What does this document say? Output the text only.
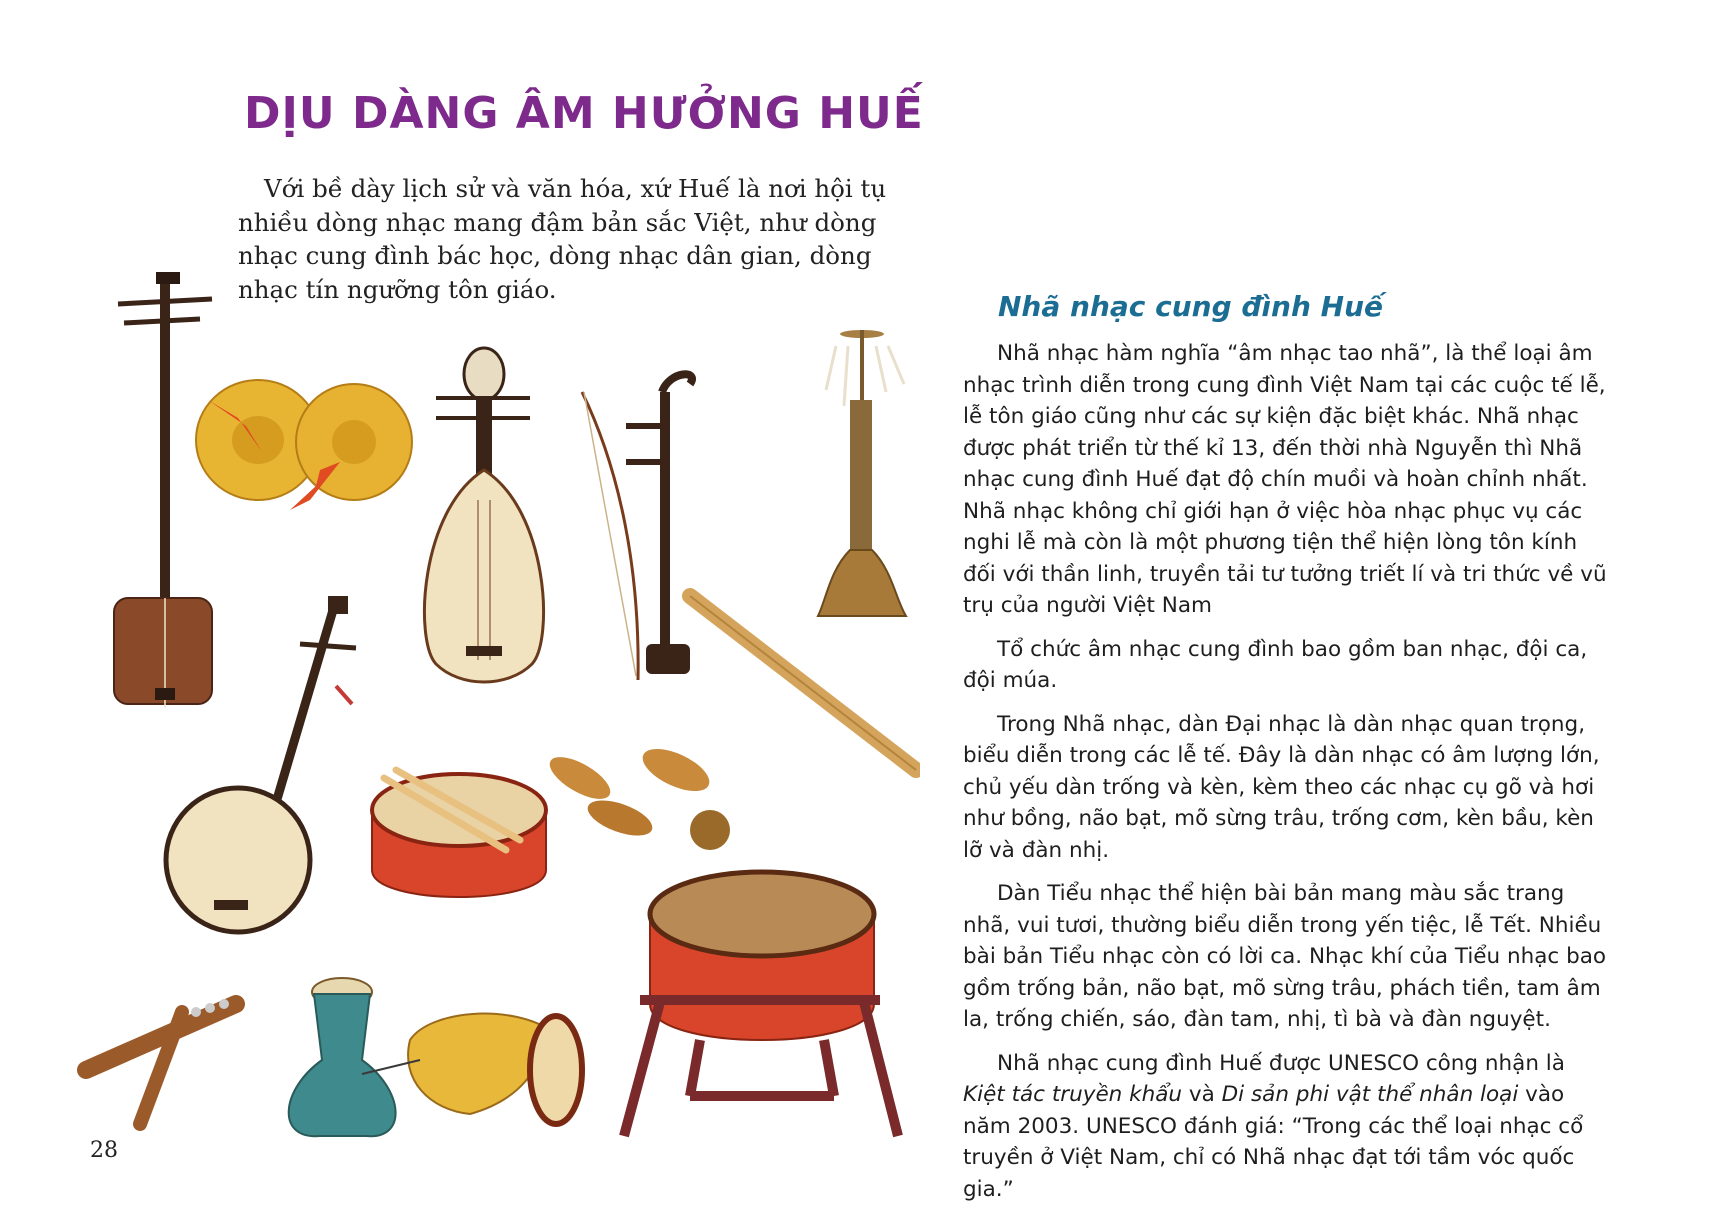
DỊU DÀNG ÂM HƯỞNG HUẾ

Với bề dày lịch sử và văn hóa, xứ Huế là nơi hội tụ nhiều dòng nhạc mang đậm bản sắc Việt, như dòng nhạc cung đình bác học, dòng nhạc dân gian, dòng nhạc tín ngưỡng tôn giáo.

Nhã nhạc cung đình Huế

Nhã nhạc hàm nghĩa “âm nhạc tao nhã”, là thể loại âm nhạc trình diễn trong cung đình Việt Nam tại các cuộc tế lễ, lễ tôn giáo cũng như các sự kiện đặc biệt khác. Nhã nhạc được phát triển từ thế kỉ 13, đến thời nhà Nguyễn thì Nhã nhạc cung đình Huế đạt độ chín muồi và hoàn chỉnh nhất. Nhã nhạc không chỉ giới hạn ở việc hòa nhạc phục vụ các nghi lễ mà còn là một phương tiện thể hiện lòng tôn kính đối với thần linh, truyền tải tư tưởng triết lí và tri thức về vũ trụ của người Việt Nam

Tổ chức âm nhạc cung đình bao gồm ban nhạc, đội ca, đội múa.

Trong Nhã nhạc, dàn Đại nhạc là dàn nhạc quan trọng, biểu diễn trong các lễ tế. Đây là dàn nhạc có âm lượng lớn, chủ yếu dàn trống và kèn, kèm theo các nhạc cụ gõ và hơi như bồng, não bạt, mõ sừng trâu, trống cơm, kèn bầu, kèn lỡ và đàn nhị.

Dàn Tiểu nhạc thể hiện bài bản mang màu sắc trang nhã, vui tươi, thường biểu diễn trong yến tiệc, lễ Tết. Nhiều bài bản Tiểu nhạc còn có lời ca. Nhạc khí của Tiểu nhạc bao gồm trống bản, não bạt, mõ sừng trâu, phách tiền, tam âm la, trống chiến, sáo, đàn tam, nhị, tì bà và đàn nguyệt.

Nhã nhạc cung đình Huế được UNESCO công nhận là Kiệt tác truyền khẩu và Di sản phi vật thể nhân loại vào năm 2003. UNESCO đánh giá: “Trong các thể loại nhạc cổ truyền ở Việt Nam, chỉ có Nhã nhạc đạt tới tầm vóc quốc gia.”

28
